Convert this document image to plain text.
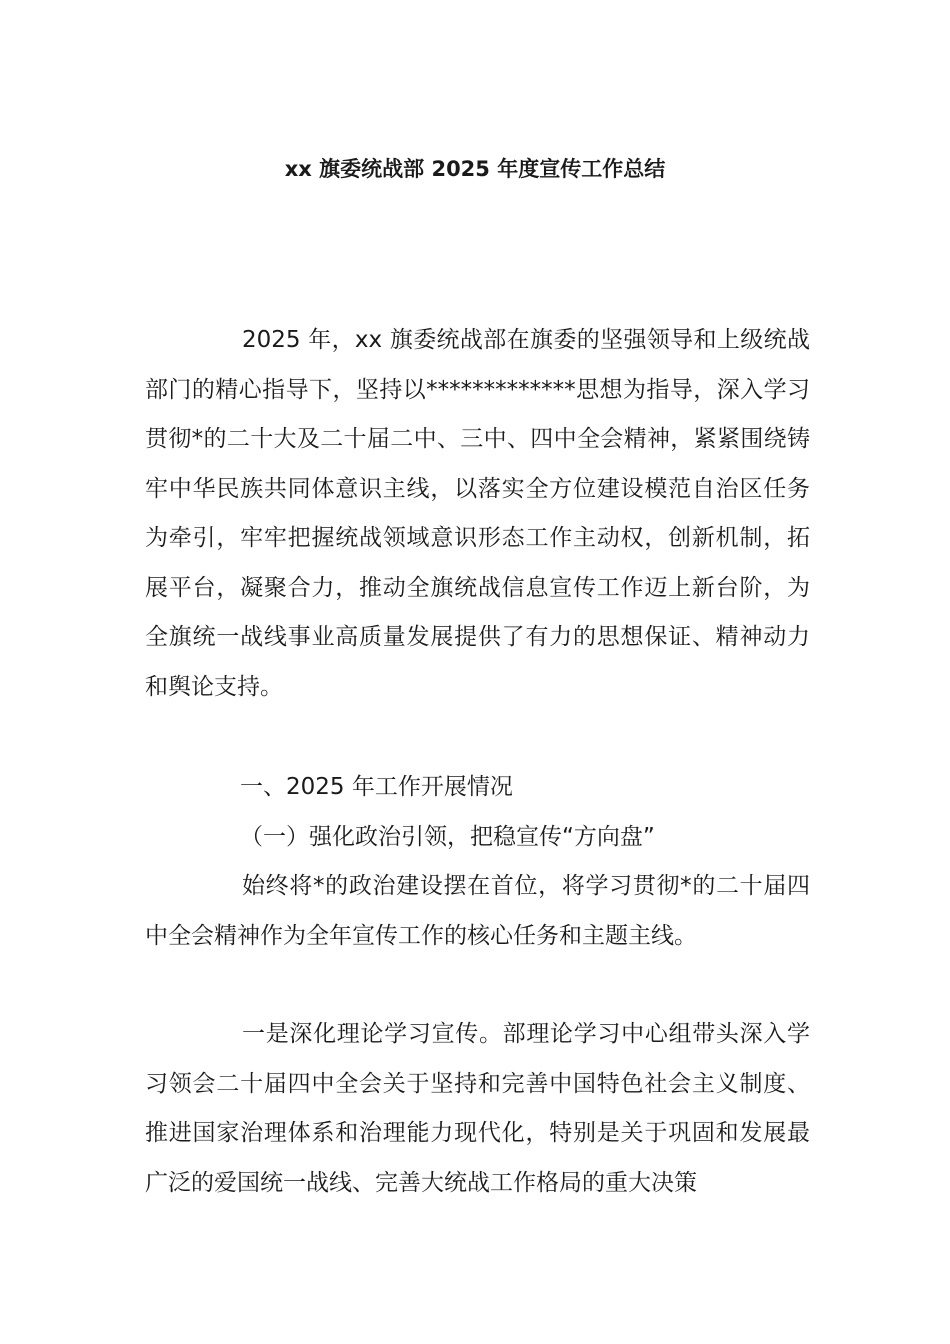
xx 旗委统战部 2025 年度宣传工作总结

2025 年，xx 旗委统战部在旗委的坚强领导和上级统战部门的精心指导下，坚持以*************思想为指导，深入学习贯彻*的二十大及二十届二中、三中、四中全会精神，紧紧围绕铸牢中华民族共同体意识主线，以落实全方位建设模范自治区任务为牵引，牢牢把握统战领域意识形态工作主动权，创新机制，拓展平台，凝聚合力，推动全旗统战信息宣传工作迈上新台阶，为全旗统一战线事业高质量发展提供了有力的思想保证、精神动力和舆论支持。

一、2025 年工作开展情况
（一）强化政治引领，把稳宣传“方向盘”

始终将*的政治建设摆在首位，将学习贯彻*的二十届四中全会精神作为全年宣传工作的核心任务和主题主线。

一是深化理论学习宣传。部理论学习中心组带头深入学习领会二十届四中全会关于坚持和完善中国特色社会主义制度、推进国家治理体系和治理能力现代化，特别是关于巩固和发展最广泛的爱国统一战线、完善大统战工作格局的重大决策
